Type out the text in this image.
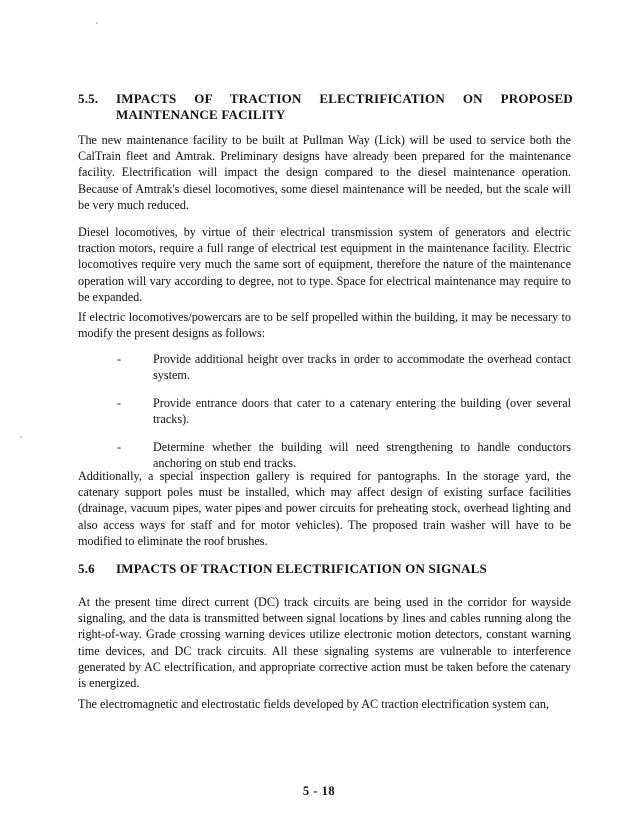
5.5. IMPACTS OF TRACTION ELECTRIFICATION ON PROPOSED
MAINTENANCE FACILITY

The new maintenance facility to be built at Pullman Way (Lick) will be used to service both the CalTrain fleet and Amtrak. Preliminary designs have already been prepared for the maintenance facility. Electrification will impact the design compared to the diesel maintenance operation. Because of Amtrak's diesel locomotives, some diesel maintenance will be needed, but the scale will be very much reduced.

Diesel locomotives, by virtue of their electrical transmission system of generators and electric traction motors, require a full range of electrical test equipment in the maintenance facility. Electric locomotives require very much the same sort of equipment, therefore the nature of the maintenance operation will vary according to degree, not to type. Space for electrical maintenance may require to be expanded.

If electric locomotives/powercars are to be self propelled within the building, it may be necessary to modify the present designs as follows:

-	Provide additional height over tracks in order to accommodate the overhead contact system.
-	Provide entrance doors that cater to a catenary entering the building (over several tracks).
-	Determine whether the building will need strengthening to handle conductors anchoring on stub end tracks.

Additionally, a special inspection gallery is required for pantographs. In the storage yard, the catenary support poles must be installed, which may affect design of existing surface facilities (drainage, vacuum pipes, water pipes and power circuits for preheating stock, overhead lighting and also access ways for staff and for motor vehicles). The proposed train washer will have to be modified to eliminate the roof brushes.

5.6 IMPACTS OF TRACTION ELECTRIFICATION ON SIGNALS

At the present time direct current (DC) track circuits are being used in the corridor for wayside signaling, and the data is transmitted between signal locations by lines and cables running along the right-of-way. Grade crossing warning devices utilize electronic motion detectors, constant warning time devices, and DC track circuits. All these signaling systems are vulnerable to interference generated by AC electrification, and appropriate corrective action must be taken before the catenary is energized.

The electromagnetic and electrostatic fields developed by AC traction electrification system can,

5 - 18
